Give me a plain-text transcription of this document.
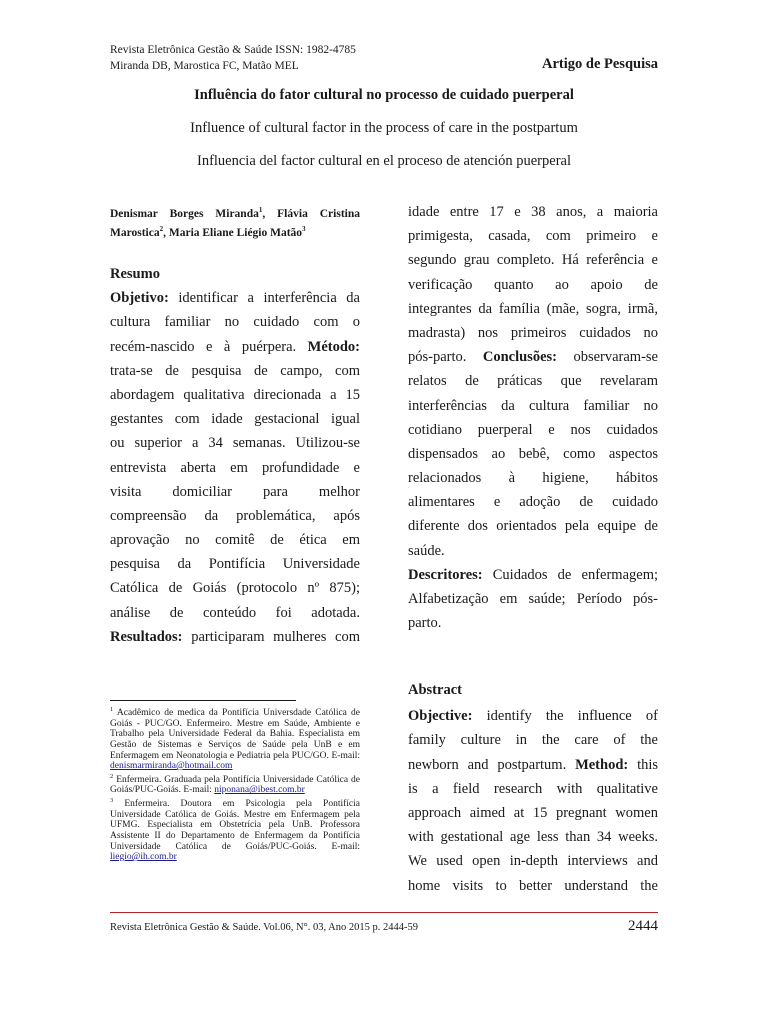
Revista Eletrônica Gestão & Saúde ISSN: 1982-4785
Miranda DB, Marostica FC, Matão MEL	Artigo de Pesquisa
Influência do fator cultural no processo de cuidado puerperal
Influence of cultural factor in the process of care in the postpartum
Influencia del factor cultural en el proceso de atención puerperal
Denismar Borges Miranda$^1$, Flávia Cristina Marostica$^2$, Maria Eliane Liégio Matão$^3$
Resumo
Objetivo: identificar a interferência da
cultura familiar no cuidado com o
recém-nascido e à puérpera. Método:
trata-se de pesquisa de campo, com
abordagem qualitativa direcionada a 15
gestantes com idade gestacional igual
ou superior a 34 semanas. Utilizou-se
entrevista aberta em profundidade e
visita domiciliar para melhor
compreensão da problemática, após
aprovação no comitê de ética em
pesquisa da Pontifícia Universidade
Católica de Goiás (protocolo nº 875);
análise de conteúdo foi adotada.
Resultados: participaram mulheres com

$^1$ Acadêmico de medica da Pontifícia Universdade Católica de Goiás - PUC/GO. Enfermeiro. Mestre em Saúde, Ambiente e Trabalho pela Universidade Federal da Bahia. Especialista em Gestão de Sistemas e Serviços de Saúde pela UnB e em Enfermagem em Neonatologia e Pediatria pela PUC/GO. E-mail: denismarmiranda@hotmail.com

$^2$ Enfermeira. Graduada pela Pontifícia Universidade Católica de Goiás/PUC-Goiás. E-mail: niponana@ibest.com.br

$^3$ Enfermeira. Doutora em Psicologia pela Pontifícia Universidade Católica de Goiás. Mestre em Enfermagem pela UFMG. Especialista em Obstetrícia pela UnB. Professora Assistente II do Departamento de Enfermagem da Pontifícia Universidade Católica de Goiás/PUC-Goiás. E-mail: liegio@ih.com.br

idade entre 17 e 38 anos, a maioria
primigesta, casada, com primeiro e
segundo grau completo. Há referência e
verificação quanto ao apoio de
integrantes da família (mãe, sogra, irmã,
madrasta) nos primeiros cuidados no
pós-parto. Conclusões: observaram-se
relatos de práticas que revelaram
interferências da cultura familiar no
cotidiano puerperal e nos cuidados
dispensados ao bebê, como aspectos
relacionados à higiene, hábitos
alimentares e adoção de cuidado
diferente dos orientados pela equipe de
saúde.
Descritores: Cuidados de enfermagem;
Alfabetização em saúde; Período pós-
parto.
Abstract
Objective: identify the influence of
family culture in the care of the
newborn and postpartum. Method: this
is a field research with qualitative
approach aimed at 15 pregnant women
with gestational age less than 34 weeks.
We used open in-depth interviews and
home visits to better understand the
Revista Eletrônica Gestão & Saúde. Vol.06, N°. 03, Ano 2015 p. 2444-59	2444
